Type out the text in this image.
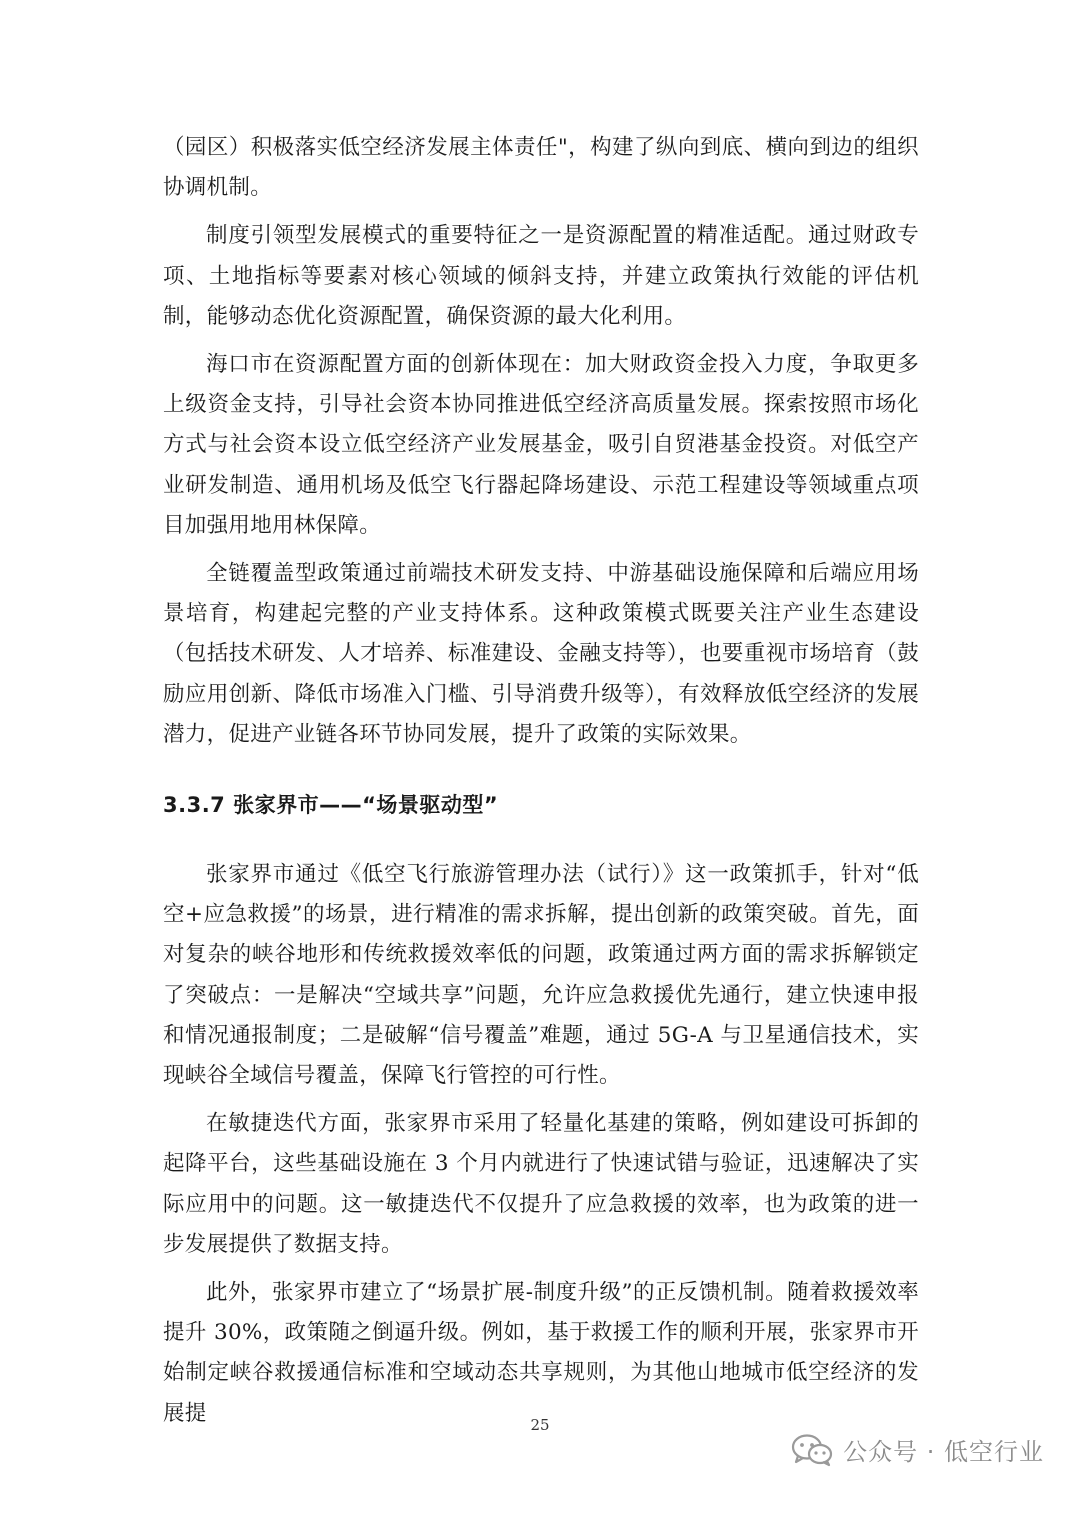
（园区）积极落实低空经济发展主体责任"，构建了纵向到底、横向到边的组织协调机制。

制度引领型发展模式的重要特征之一是资源配置的精准适配。通过财政专项、土地指标等要素对核心领域的倾斜支持，并建立政策执行效能的评估机制，能够动态优化资源配置，确保资源的最大化利用。

海口市在资源配置方面的创新体现在：加大财政资金投入力度，争取更多上级资金支持，引导社会资本协同推进低空经济高质量发展。探索按照市场化方式与社会资本设立低空经济产业发展基金，吸引自贸港基金投资。对低空产业研发制造、通用机场及低空飞行器起降场建设、示范工程建设等领域重点项目加强用地用林保障。

全链覆盖型政策通过前端技术研发支持、中游基础设施保障和后端应用场景培育，构建起完整的产业支持体系。这种政策模式既要关注产业生态建设（包括技术研发、人才培养、标准建设、金融支持等），也要重视市场培育（鼓励应用创新、降低市场准入门槛、引导消费升级等），有效释放低空经济的发展潜力，促进产业链各环节协同发展，提升了政策的实际效果。

3.3.7 张家界市——“场景驱动型”

张家界市通过《低空飞行旅游管理办法（试行）》这一政策抓手，针对“低空+应急救援”的场景，进行精准的需求拆解，提出创新的政策突破。首先，面对复杂的峡谷地形和传统救援效率低的问题，政策通过两方面的需求拆解锁定了突破点：一是解决“空域共享”问题，允许应急救援优先通行，建立快速申报和情况通报制度；二是破解“信号覆盖”难题，通过 5G-A 与卫星通信技术，实现峡谷全域信号覆盖，保障飞行管控的可行性。

在敏捷迭代方面，张家界市采用了轻量化基建的策略，例如建设可拆卸的起降平台，这些基础设施在 3 个月内就进行了快速试错与验证，迅速解决了实际应用中的问题。这一敏捷迭代不仅提升了应急救援的效率，也为政策的进一步发展提供了数据支持。

此外，张家界市建立了“场景扩展-制度升级”的正反馈机制。随着救援效率提升 30%，政策随之倒逼升级。例如，基于救援工作的顺利开展，张家界市开始制定峡谷救援通信标准和空域动态共享规则，为其他山地城市低空经济的发展提	25
公众号 · 低空行业
